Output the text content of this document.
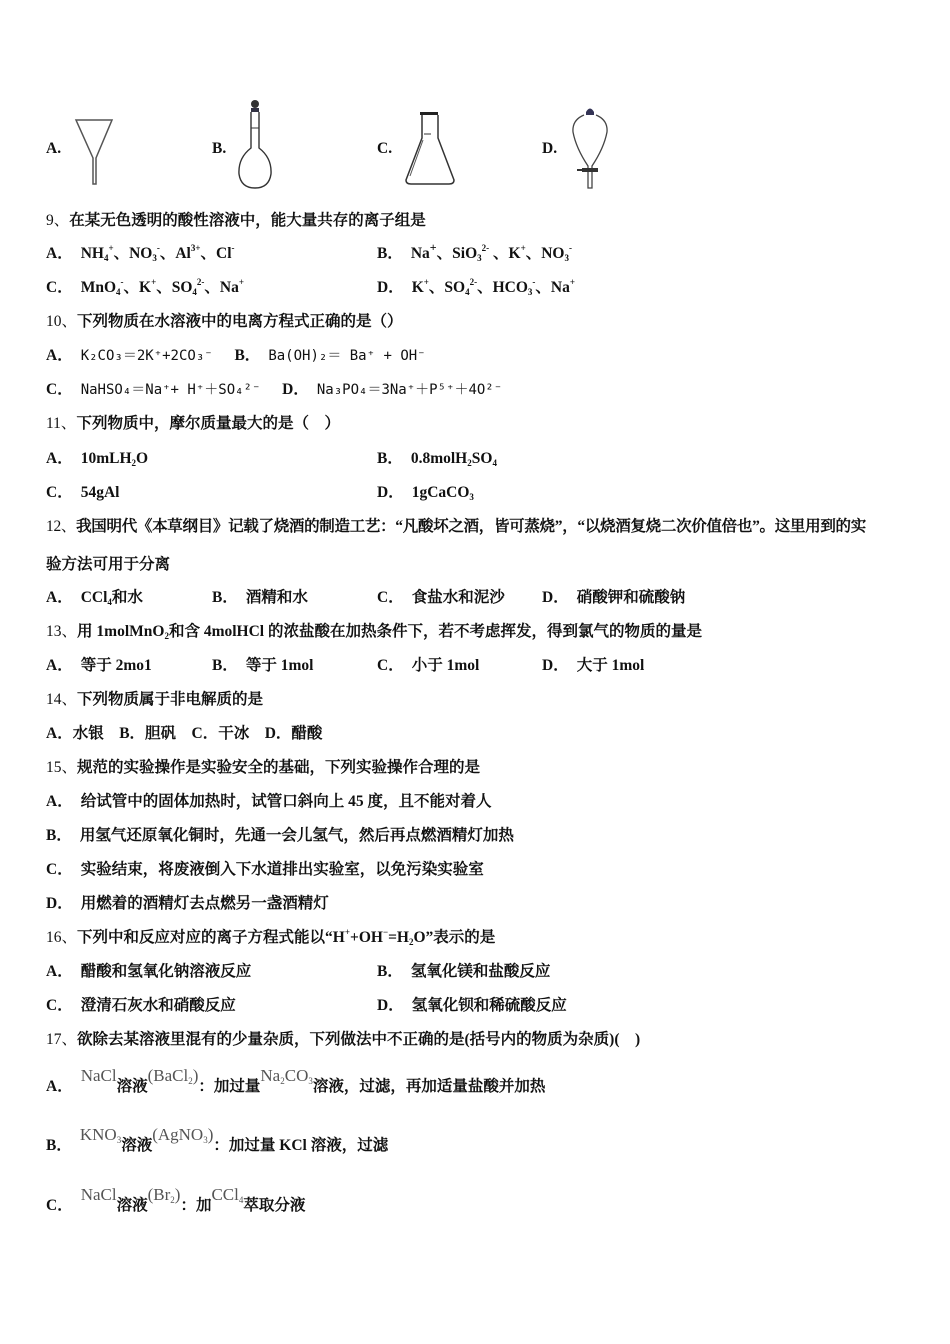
A.	B.	C.	D.
9、在某无色透明的酸性溶液中，能大量共存的离子组是
A． $NH_4^+$、$NO_3^-$、$Al^{3+}$、Cl-	B． Na+、SiO$_3^{2-}$ 、K+、$NO_3^-$
C． MnO$_4$-、K+、$SO_4^{2-}$、Na+	D． K+、$SO_4^{2-}$、$HCO_3^-$、Na+
10、下列物质在水溶液中的电离方程式正确的是（）
A． K₂CO₃＝2K⁺+2CO₃⁻ B． Ba(OH)₂＝ Ba⁺ + OH⁻
C． NaHSO₄＝Na⁺+ H⁺＋SO₄²⁻ D． Na₃PO₄＝3Na⁺＋P⁵⁺＋4O²⁻
11、下列物质中，摩尔质量最大的是（　）
A． 10mLH$_2$O	B． $0.8molH_2SO_4$
C． 54gAl	D． 1gCaCO$_3$
12、我国明代《本草纲目》记载了烧酒的制造工艺：“凡酸坏之酒，皆可蒸烧”，“以烧酒复烧二次价值倍也”。这里用到的实
验方法可用于分离
A． CCl$_4$和水	B． 酒精和水	C． 食盐水和泥沙 D． 硝酸钾和硫酸钠
13、用 1molMnO$_2$和含 4molHCl 的浓盐酸在加热条件下，若不考虑挥发，得到氯气的物质的量是
A． 等于 2mo1	B． 等于 1mol	C． 小于 1mol	D． 大于 1mol
14、下列物质属于非电解质的是
A．水银　B．胆矾　C．干冰　D．醋酸
15、规范的实验操作是实验安全的基础，下列实验操作合理的是
A． 给试管中的固体加热时，试管口斜向上 45 度，且不能对着人
B． 用氢气还原氧化铜时，先通一会儿氢气，然后再点燃酒精灯加热
C． 实验结束，将废液倒入下水道排出实验室，以免污染实验室
D． 用燃着的酒精灯去点燃另一盏酒精灯
16、下列中和反应对应的离子方程式能以“$H^++OH^-=H_2O$”表示的是
A． 醋酸和氢氧化钠溶液反应	B． 氢氧化镁和盐酸反应
C． 澄清石灰水和硝酸反应	D． 氢氧化钡和稀硫酸反应
17、欲除去某溶液里混有的少量杂质，下列做法中不正确的是(括号内的物质为杂质)(　)
A．NaCl溶液(BaCl$_2$)：加过量$Na_2CO_3$溶液，过滤，再加适量盐酸并加热
B．$KNO_3$溶液(AgNO$_3$)：加过量 KCl 溶液，过滤
C．NaCl溶液$(Br_2)$：加CCl$_4$萃取分液
